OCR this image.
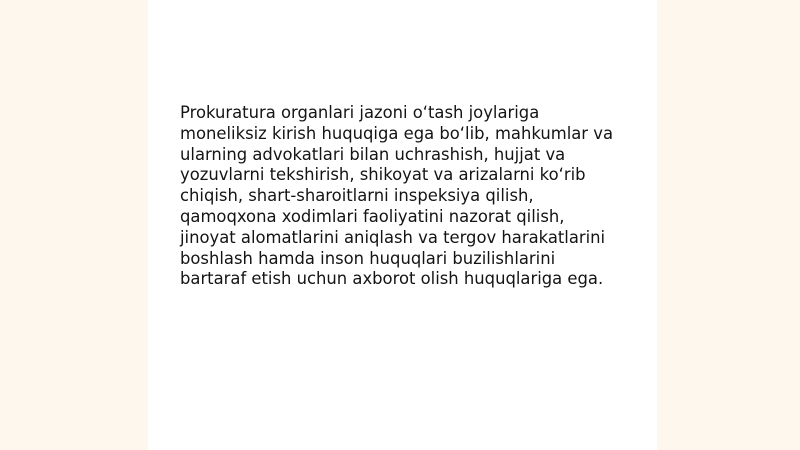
Prokuratura organlari jazoni o‘tash joylariga
moneliksiz kirish huquqiga ega bo‘lib, mahkumlar va
ularning advokatlari bilan uchrashish, hujjat va
yozuvlarni tekshirish, shikoyat va arizalarni ko‘rib
chiqish, shart-sharoitlarni inspeksiya qilish,
qamoqxona xodimlari faoliyatini nazorat qilish,
jinoyat alomatlarini aniqlash va tergov harakatlarini
boshlash hamda inson huquqlari buzilishlarini
bartaraf etish uchun axborot olish huquqlariga ega.
